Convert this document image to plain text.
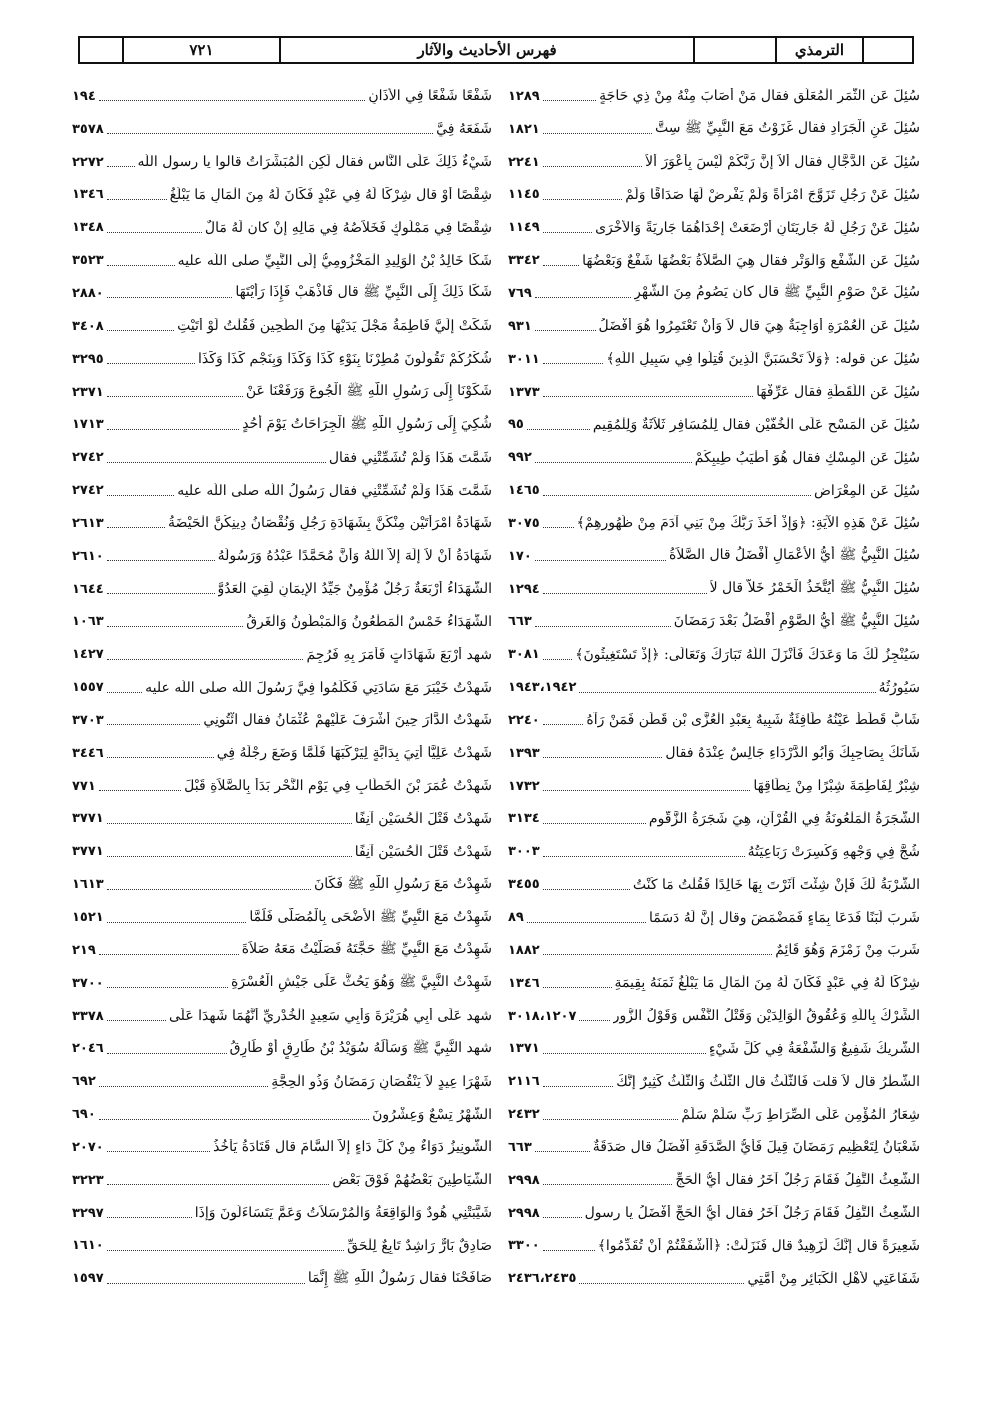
٧٢١	فهرس الأحاديث والآثار	الترمذي
سُئِلَ عَنِ الثَّمَرِ الْمُعَلَّقِ فقال مَنْ أَصَابَ مِنْهُ مِنْ ذِي حَاجَةٍ
١٢٨٩
سُئِلَ عَنِ الْجَرَادِ فقال غَزَوْتُ مَعَ النَّبِيِّ ﷺ سِتَّ
١٨٢١
سُئِلَ عَنِ الدَّجَّالِ فقال أَلاَ إِنَّ رَبَّكُمْ لَيْسَ بِأَعْوَرَ أَلاَ
٢٢٤١
سُئِلَ عَنْ رَجُلٍ تَزَوَّجَ امْرَأَةً وَلَمْ يَفْرِضْ لَهَا صَدَاقًا وَلَمْ
١١٤٥
سُئِلَ عَنْ رَجُلٍ لَهُ جَارِيَتَانِ أَرْضَعَتْ إِحْدَاهُمَا جَارِيَةً وَالأُخْرَى
١١٤٩
سُئِلَ عَنِ الشَّفْعِ وَالْوَتْرِ فقال هِيَ الصَّلاَةُ بَعْضُهَا شَفْعٌ وَبَعْضُهَا
٣٣٤٢
سُئِلَ عَنْ صَوْمِ النَّبِيِّ ﷺ قال كان يَصُومُ مِنَ الشَّهْرِ
٧٦٩
سُئِلَ عَنِ الْعُمْرَةِ أَوَاجِبَةٌ هِيَ قال لاَ وَأَنْ تَعْتَمِرُوا هُوَ أَفْضَلُ
٩٣١
سُئِلَ عن قوله: ﴿وَلاَ تَحْسَبَنَّ الَّذِينَ قُتِلُوا فِي سَبِيلِ اللَّهِ﴾
٣٠١١
سُئِلَ عَنِ اللُّقَطَةِ فقال عَرِّفْهَا
١٣٧٣
سُئِلَ عَنِ الْمَسْحِ عَلَى الْخُفَّيْنِ فقال لِلْمُسَافِرِ ثَلاَثَةٌ وَلِلْمُقِيمِ
٩٥
سُئِلَ عَنِ الْمِسْكِ فقال هُوَ أَطْيَبُ طِيبِكُمْ
٩٩٢
سُئِلَ عَنِ الْمِعْرَاضِ
١٤٦٥
سُئِلَ عَنْ هَذِهِ الآيَةِ: ﴿وَإِذْ أَخَذَ رَبُّكَ مِنْ بَنِي آدَمَ مِنْ ظُهُورِهِمْ﴾
٣٠٧٥
سُئِلَ النَّبِيُّ ﷺ أَيُّ الأَعْمَالِ أَفْضَلُ قال الصَّلاَةُ
١٧٠
سُئِلَ النَّبِيُّ ﷺ أَيُتَّخَذُ الْخَمْرُ خَلاًّ قال لاَ
١٢٩٤
سُئِلَ النَّبِيُّ ﷺ أَيُّ الصَّوْمِ أَفْضَلُ بَعْدَ رَمَضَانَ
٦٦٣
سَيُنْجِزُ لَكَ مَا وَعَدَكَ فَأَنْزَلَ اللَّهُ تَبَارَكَ وَتَعَالَى: ﴿إِذْ تَسْتَغِيثُونَ﴾
٣٠٨١
سَيُورُثُهُ
١٩٤٣،١٩٤٢
شَابٌّ قَطَطٌ عَيْنُهُ طَافِئَةٌ شَبِيهٌ بِعَبْدِ الْعُزَّى بْنِ قَطَنٍ فَمَنْ رَآهُ
٢٢٤٠
شَأْنَكَ بِصَاحِبِكَ وَأَبُو الدَّرْدَاءِ جَالِسٌ عِنْدَهُ فقال
١٣٩٣
شِبْرٌ لِفَاطِمَةَ شِبْرًا مِنْ نِطَاقِهَا
١٧٣٢
الشَّجَرَةُ الْمَلْعُونَةُ فِي الْقُرْآنِ، هِيَ شَجَرَةُ الزَّقُّومِ
٣١٣٤
شُجَّ فِي وَجْهِهِ وَكُسِرَتْ رَبَاعِيَتُهُ
٣٠٠٣
الشَّرْبَةُ لَكَ فَإِنْ شِئْتَ آثَرْتَ بِهَا خَالِدًا فَقُلْتُ مَا كُنْتُ
٣٤٥٥
شَرِبَ لَبَنًا فَدَعَا بِمَاءٍ فَمَضْمَضَ وقال إِنَّ لَهُ دَسَمًا
٨٩
شَرِبَ مِنْ زَمْزَمَ وَهُوَ قَائِمٌ
١٨٨٢
شِرْكًا لَهُ فِي عَبْدٍ فَكَانَ لَهُ مِنَ الْمَالِ مَا يَبْلُغُ ثَمَنَهُ بِقِيمَةِ
١٣٤٦
الشِّرْكُ بِاللَّهِ وَعُقُوقُ الْوَالِدَيْنِ وَقَتْلُ النَّفْسِ وَقَوْلُ الزُّورِ
٣٠١٨،١٢٠٧
الشَّرِيكُ شَفِيعٌ وَالشُّفْعَةُ فِي كُلِّ شَيْءٍ
١٣٧١
الشَّطْرُ قال لاَ قلت فَالثُّلُثُ قال الثُّلُثُ وَالثُّلُثُ كَثِيرٌ إِنَّكَ
٢١١٦
شِعَارُ الْمُؤْمِنِ عَلَى الصِّرَاطِ رَبِّ سَلِّمْ سَلِّمْ
٢٤٣٢
شَعْبَانُ لِتَعْظِيمِ رَمَضَانَ قِيلَ فَأَيُّ الصَّدَقَةِ أَفْضَلُ قال صَدَقَةٌ
٦٦٣
الشَّعِثُ التَّفِلُ فَقَامَ رَجُلٌ آخَرُ فقال أَيُّ الْحَجِّ
٢٩٩٨
الشَّعِثُ التَّفِلُ فَقَامَ رَجُلٌ آخَرُ فقال أَيُّ الْحَجِّ أَفْضَلُ يا رسول
٢٩٩٨
شَعِيرَةً قال إِنَّكَ لَزَهِيدٌ قال فَنَزَلَتْ: ﴿أَأَشْفَقْتُمْ أَنْ تُقَدِّمُوا﴾
٣٣٠٠
شَفَاعَتِي لأَهْلِ الْكَبَائِرِ مِنْ أُمَّتِي
٢٤٣٦،٢٤٣٥
شَفْعًا شَفْعًا فِي الأَذَانِ
١٩٤
شَفَعَهُ فِيَّ
٣٥٧٨
شَيْءٌ ذَلِكَ عَلَى النَّاسِ فقال لَكِنِ الْمُبَشِّرَاتُ قالوا يا رسول اللَّه
٢٢٧٢
شِقْصًا أَوْ قال شِرْكًا لَهُ فِي عَبْدٍ فَكَانَ لَهُ مِنَ الْمَالِ مَا يَبْلُغُ
١٣٤٦
شِقْصًا فِي مَمْلُوكٍ فَخَلاَصُهُ فِي مَالِهِ إِنْ كان لَهُ مَالٌ
١٣٤٨
شَكَا خَالِدُ بْنُ الْوَلِيدِ الْمَخْزُومِيُّ إِلَى النَّبِيِّ صلى اللَّه عليه
٣٥٢٣
شَكَا ذَلِكَ إِلَى النَّبِيِّ ﷺ قال فَاذْهَبْ فَإِذَا رَأَيْتَهَا
٢٨٨٠
شَكَتْ إِلَيَّ فَاطِمَةُ مَجْلَ يَدَيْهَا مِنَ الطَّحِينِ فَقُلْتُ لَوْ أَتَيْتِ
٣٤٠٨
شُكْرُكُمْ تَقُولُونَ مُطِرْنَا بِنَوْءِ كَذَا وَكَذَا وَبِنَجْمِ كَذَا وَكَذَا
٣٢٩٥
شَكَوْنَا إِلَى رَسُولِ اللَّهِ ﷺ الْجُوعَ وَرَفَعْنَا عَنْ
٢٣٧١
شُكِيَ إِلَى رَسُولِ اللَّهِ ﷺ الْجِرَاحَاتُ يَوْمَ أُحُدٍ
١٧١٣
شَمَّتَ هَذَا وَلَمْ تُشَمِّتْنِي فقال
٢٧٤٢
شَمَّتَ هَذَا وَلَمْ تُشَمِّتْنِي فقال رَسُولُ اللَّه صلى اللَّه عليه
٢٧٤٢
شَهَادَةُ امْرَأَتَيْنِ مِنْكُنَّ بِشَهَادَةِ رَجُلٍ وَنُقْصَانُ دِينِكُنَّ الْحَيْضَةُ
٢٦١٣
شَهَادَةُ أَنْ لاَ إِلَهَ إِلاَّ اللَّهُ وَأَنَّ مُحَمَّدًا عَبْدُهُ وَرَسُولُهُ
٢٦١٠
الشُّهَدَاءُ أَرْبَعَةٌ رَجُلٌ مُؤْمِنٌ جَيِّدُ الإِيمَانِ لَقِيَ الْعَدُوَّ
١٦٤٤
الشُّهَدَاءُ خَمْسٌ الْمَطْعُونُ وَالْمَبْطُونُ وَالْغَرِقُ
١٠٦٣
شهد أَرْبَعَ شَهَادَاتٍ فَأَمَرَ بِهِ فَرُجِمَ
١٤٢٧
شَهِدْتُ خَيْبَرَ مَعَ سَادَتِي فَكَلَّمُوا فِيَّ رَسُولَ اللَّه صلى اللَّه عليه
١٥٥٧
شَهِدْتُ الدَّارَ حِينَ أَشْرَفَ عَلَيْهِمْ عُثْمَانُ فقال ائْتُونِي
٣٧٠٣
شَهِدْتُ عَلِيًّا أُتِيَ بِدَابَّةٍ لِيَرْكَبَهَا فَلَمَّا وَضَعَ رِجْلَهُ فِي
٣٤٤٦
شَهِدْتُ عُمَرَ بْنَ الْخَطَّابِ فِي يَوْمِ النَّحْرِ بَدَأَ بِالصَّلاَةِ قَبْلَ
٧٧١
شَهِدْتُ قَتْلَ الْحُسَيْنِ آنِفًا
٣٧٧١
شَهِدْتُ قَتْلَ الْحُسَيْنِ آنِفًا
٣٧٧١
شَهِدْتُ مَعَ رَسُولِ اللَّهِ ﷺ فَكَانَ
١٦١٣
شَهِدْتُ مَعَ النَّبِيِّ ﷺ الأَضْحَى بِالْمُصَلَّى فَلَمَّا
١٥٢١
شَهِدْتُ مَعَ النَّبِيِّ ﷺ حَجَّتَهُ فَصَلَّيْتُ مَعَهُ صَلاَةَ
٢١٩
شَهِدْتُ النَّبِيَّ ﷺ وَهُوَ يَحُثُّ عَلَى جَيْشِ الْعُسْرَةِ
٣٧٠٠
شهد عَلَى أَبِي هُرَيْرَةَ وَأَبِي سَعِيدٍ الْخُدْرِيِّ أَنَّهُمَا شَهِدَا عَلَى
٣٣٧٨
شهد النَّبِيَّ ﷺ وَسَأَلَهُ سُوَيْدُ بْنُ طَارِقٍ أَوْ طَارِقُ
٢٠٤٦
شَهْرَا عِيدٍ لاَ يَنْقُصَانِ رَمَضَانُ وَذُو الْحِجَّةِ
٦٩٢
الشَّهْرُ تِسْعٌ وَعِشْرُونَ
٦٩٠
الشُّونِيزُ دَوَاءٌ مِنْ كُلِّ دَاءٍ إِلاَّ السَّامَ قال قَتَادَةُ يَأْخُذُ
٢٠٧٠
الشَّيَاطِينَ بَعْضُهُمْ فَوْقَ بَعْضٍ
٣٢٢٣
شَيَّبَتْنِي هُودٌ وَالْوَاقِعَةُ وَالْمُرْسَلاَتُ وَعَمَّ يَتَسَاءَلُونَ وَإِذَا
٣٢٩٧
صَادِقٌ بَارٌّ رَاشِدٌ تَابِعٌ لِلْحَقِّ
١٦١٠
صَافَحْنَا فقال رَسُولُ اللَّهِ ﷺ إِنَّمَا
١٥٩٧
